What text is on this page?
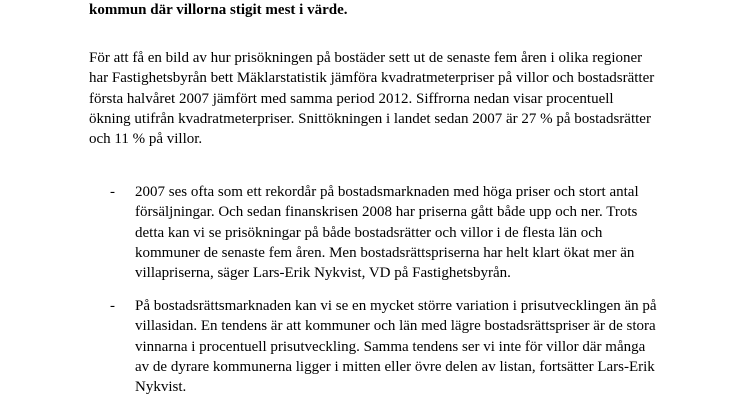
kommun där villorna stigit mest i värde.
För att få en bild av hur prisökningen på bostäder sett ut de senaste fem åren i olika regioner
har Fastighetsbyrån bett Mäklarstatistik jämföra kvadratmeterpriser på villor och bostadsrätter
första halvåret 2007 jämfört med samma period 2012. Siffrorna nedan visar procentuell
ökning utifrån kvadratmeterpriser. Snittökningen i landet sedan 2007 är 27 % på bostadsrätter
och 11 % på villor.
- 2007 ses ofta som ett rekordår på bostadsmarknaden med höga priser och stort antal
försäljningar. Och sedan finanskrisen 2008 har priserna gått både upp och ner. Trots
detta kan vi se prisökningar på både bostadsrätter och villor i de flesta län och
kommuner de senaste fem åren. Men bostadsrättspriserna har helt klart ökat mer än
villapriserna, säger Lars-Erik Nykvist, VD på Fastighetsbyrån.
- På bostadsrättsmarknaden kan vi se en mycket större variation i prisutvecklingen än på
villasidan. En tendens är att kommuner och län med lägre bostadsrättspriser är de stora
vinnarna i procentuell prisutveckling. Samma tendens ser vi inte för villor där många
av de dyrare kommunerna ligger i mitten eller övre delen av listan, fortsätter Lars-Erik
Nykvist.
